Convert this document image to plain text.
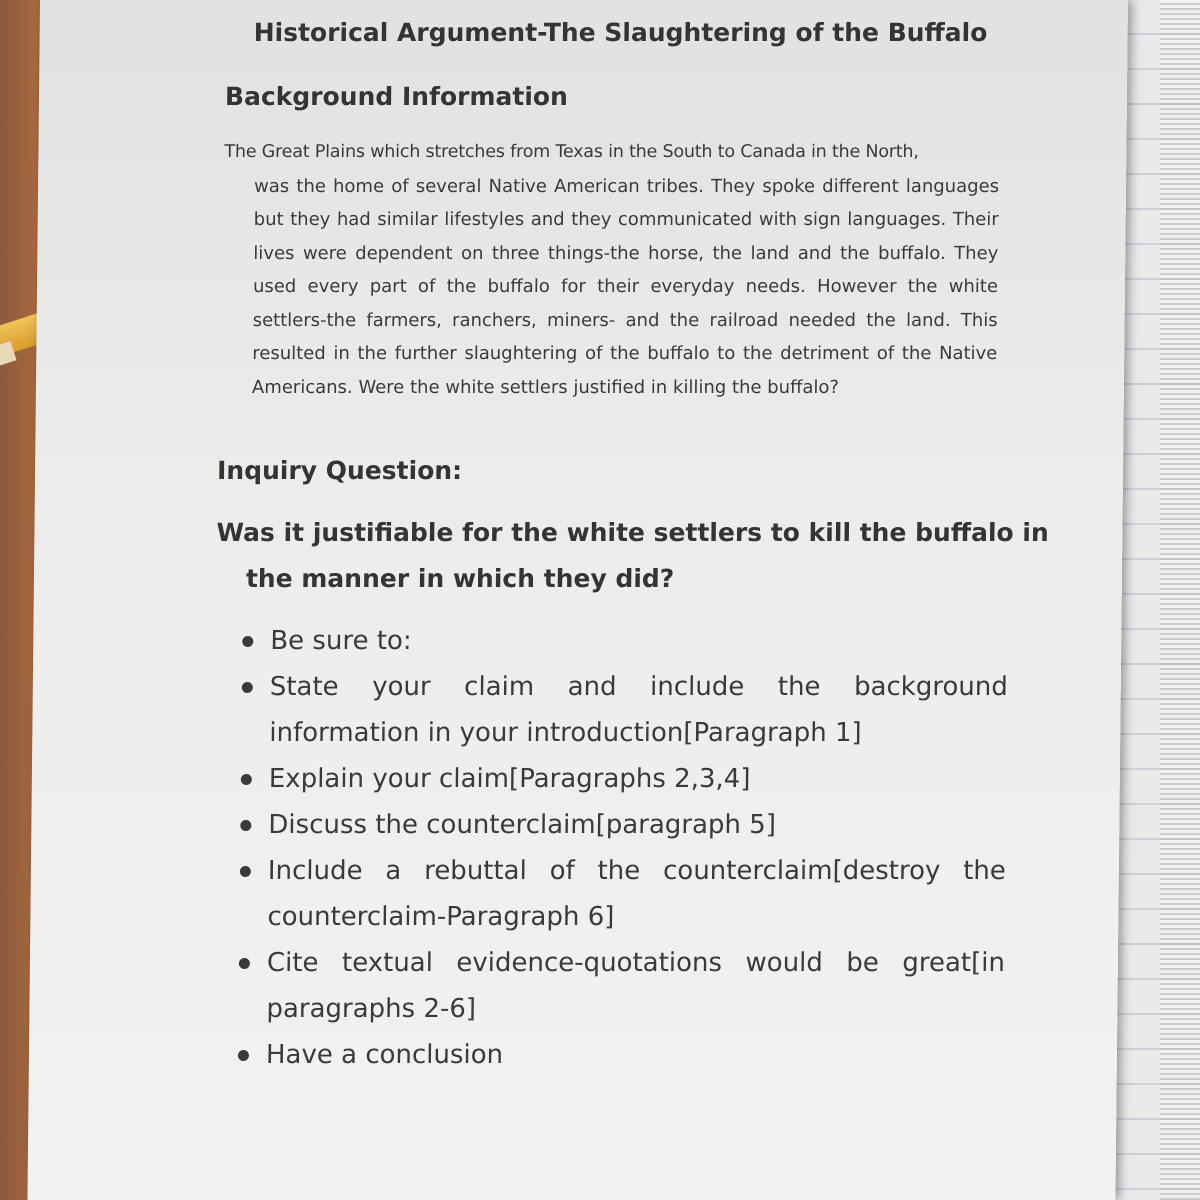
Historical Argument-The Slaughtering of the Buffalo
Background Information
The Great Plains which stretches from Texas in the South to Canada in the North,
was the home of several Native American tribes. They spoke different languages but they had similar lifestyles and they communicated with sign languages. Their lives were dependent on three things-the horse, the land and the buffalo. They used every part of the buffalo for their everyday needs. However the white settlers-the farmers, ranchers, miners- and the railroad needed the land. This resulted in the further slaughtering of the buffalo to the detriment of the Native Americans. Were the white settlers justified in killing the buffalo?
Inquiry Question:
Was it justifiable for the white settlers to kill the buffalo in
the manner in which they did?
Be sure to:
State your claim and include the background information in your introduction[Paragraph 1]
Explain your claim[Paragraphs 2,3,4]
Discuss the counterclaim[paragraph 5]
Include a rebuttal of the counterclaim[destroy the counterclaim-Paragraph 6]
Cite textual evidence-quotations would be great[in paragraphs 2-6]
Have a conclusion
